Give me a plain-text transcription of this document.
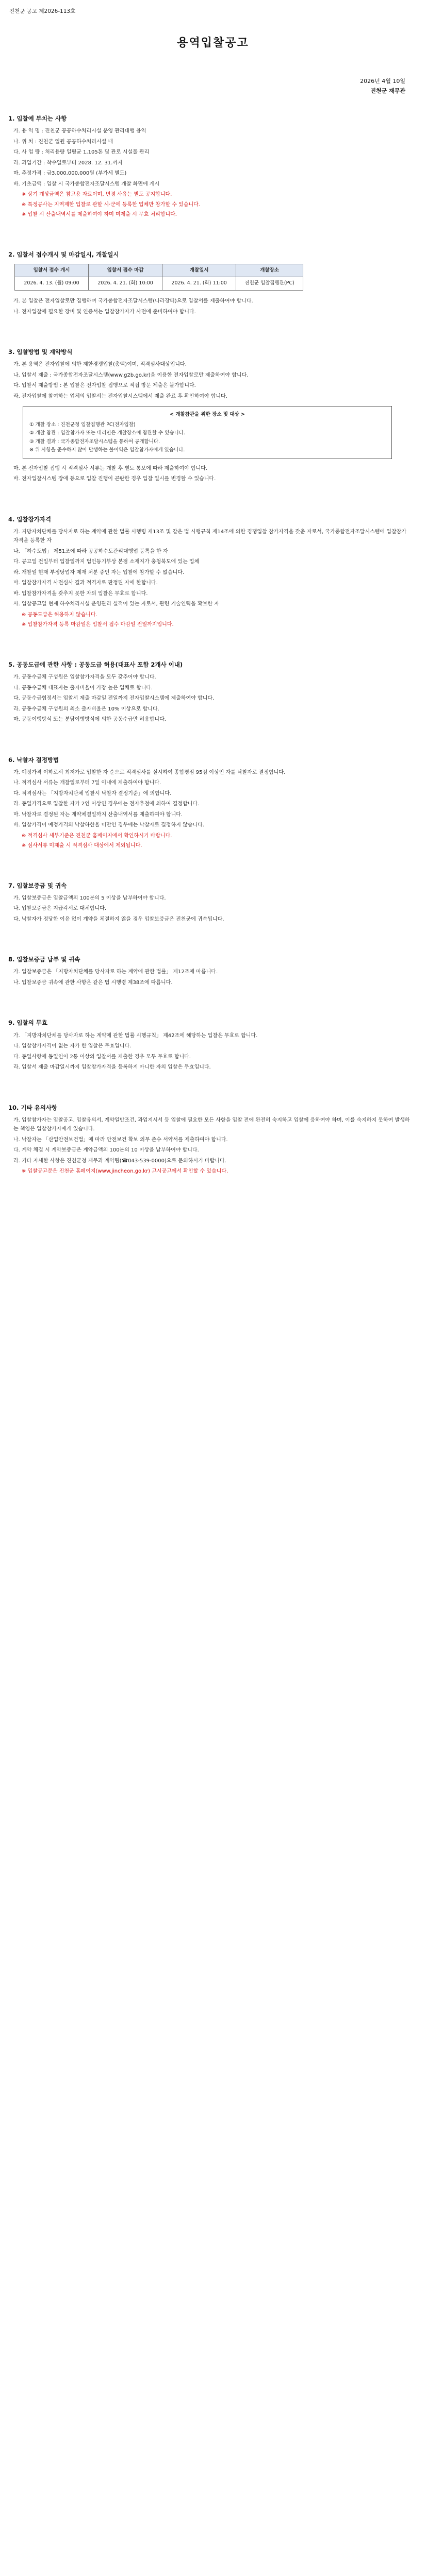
진천군 공고 제2026-113호
용역입찰공고
2026년 4월 10일
진천군 재무관
1. 입찰에 부치는 사항
가. 용 역 명 : 진천군 공공하수처리시설 운영 관리대행 용역
나. 위 치 : 진천군 일원 공공하수처리시설 내
다. 사 업 량 : 처리용량 일평균 1,105톤 및 관로 시설물 관리
라. 과업기간 : 착수일로부터 2028. 12. 31.까지
마. 추정가격 : 금3,000,000,000원 (부가세 별도)
바. 기초금액 : 입찰 시 국가종합전자조달시스템 개찰 화면에 게시
※ 상기 계상금액은 참고용 자료이며, 변경 사유는 별도 공지합니다.
※ 특정공사는 지역제한 입찰로 관할 시·군에 등록한 업체만 참가할 수 있습니다.
※ 입찰 시 산출내역서를 제출하여야 하며 미제출 시 무효 처리합니다.
2. 입찰서 접수개시 및 마감일시, 개찰일시
입찰서 접수 개시	입찰서 접수 마감	개찰일시	개찰장소
2026. 4. 13. (월) 09:00	2026. 4. 21. (화) 10:00	2026. 4. 21. (화) 11:00	진천군 입찰집행관(PC)
가. 본 입찰은 전자입찰로만 집행하며 국가종합전자조달시스템(나라장터)으로 입찰서를 제출하여야 합니다.
나. 전자입찰에 필요한 장비 및 인증서는 입찰참가자가 사전에 준비하여야 합니다.
3. 입찰방법 및 계약방식
가. 본 용역은 전자입찰에 의한 제한경쟁입찰(총액)이며, 적격심사대상입니다.
나. 입찰서 제출 : 국가종합전자조달시스템(www.g2b.go.kr)을 이용한 전자입찰로만 제출하여야 합니다.
다. 입찰서 제출방법 : 본 입찰은 전자입찰 집행으로 직접 방문 제출은 불가합니다.
라. 전자입찰에 참여하는 업체의 입찰서는 전자입찰시스템에서 제출 완료 후 확인하여야 합니다.
< 개찰참관을 위한 장소 및 대상 >
① 개찰 장소 : 진천군청 입찰집행관 PC(전자입찰)
② 개찰 참관 : 입찰참가자 또는 대리인은 개찰장소에 참관할 수 있습니다.
③ 개찰 결과 : 국가종합전자조달시스템을 통하여 공개합니다.
※ 위 사항을 준수하지 않아 발생하는 불이익은 입찰참가자에게 있습니다.
마. 본 전자입찰 집행 시 적격심사 서류는 개찰 후 별도 통보에 따라 제출하여야 합니다.
바. 전자입찰시스템 장애 등으로 입찰 진행이 곤란한 경우 입찰 일시를 변경할 수 있습니다.
4. 입찰참가자격
가. 지방자치단체를 당사자로 하는 계약에 관한 법률 시행령 제13조 및 같은 법 시행규칙 제14조에 의한 경쟁입찰 참가자격을 갖춘 자로서, 국가종합전자조달시스템에 입찰참가자격을 등록한 자
나. 「하수도법」 제51조에 따라 공공하수도관리대행업 등록을 한 자
다. 공고일 전일부터 입찰일까지 법인등기부상 본점 소재지가 충청북도에 있는 업체
라. 개찰일 현재 부정당업자 제재 처분 중인 자는 입찰에 참가할 수 없습니다.
마. 입찰참가자격 사전심사 결과 적격자로 판정된 자에 한합니다.
바. 입찰참가자격을 갖추지 못한 자의 입찰은 무효로 합니다.
사. 입찰공고일 현재 하수처리시설 운영관리 실적이 있는 자로서, 관련 기술인력을 확보한 자
※ 공동도급은 허용하지 않습니다.
※ 입찰참가자격 등록 마감일은 입찰서 접수 마감일 전일까지입니다.
5. 공동도급에 관한 사항 : 공동도급 허용(대표사 포함 2개사 이내)
가. 공동수급체 구성원은 입찰참가자격을 모두 갖추어야 합니다.
나. 공동수급체 대표자는 출자비율이 가장 높은 업체로 합니다.
다. 공동수급협정서는 입찰서 제출 마감일 전일까지 전자입찰시스템에 제출하여야 합니다.
라. 공동수급체 구성원의 최소 출자비율은 10% 이상으로 합니다.
마. 공동이행방식 또는 분담이행방식에 의한 공동수급만 허용합니다.
6. 낙찰자 결정방법
가. 예정가격 이하로서 최저가로 입찰한 자 순으로 적격심사를 실시하여 종합평점 95점 이상인 자를 낙찰자로 결정합니다.
나. 적격심사 서류는 개찰일로부터 7일 이내에 제출하여야 합니다.
다. 적격심사는 「지방자치단체 입찰시 낙찰자 결정기준」에 의합니다.
라. 동일가격으로 입찰한 자가 2인 이상인 경우에는 전자추첨에 의하여 결정합니다.
마. 낙찰자로 결정된 자는 계약체결일까지 산출내역서를 제출하여야 합니다.
바. 입찰가격이 예정가격의 낙찰하한율 미만인 경우에는 낙찰자로 결정하지 않습니다.
※ 적격심사 세부기준은 진천군 홈페이지에서 확인하시기 바랍니다.
※ 심사서류 미제출 시 적격심사 대상에서 제외됩니다.
7. 입찰보증금 및 귀속
가. 입찰보증금은 입찰금액의 100분의 5 이상을 납부하여야 합니다.
나. 입찰보증금은 지급각서로 대체합니다.
다. 낙찰자가 정당한 이유 없이 계약을 체결하지 않을 경우 입찰보증금은 진천군에 귀속됩니다.
8. 입찰보증금 납부 및 귀속
가. 입찰보증금은 「지방자치단체를 당사자로 하는 계약에 관한 법률」 제12조에 따릅니다.
나. 입찰보증금 귀속에 관한 사항은 같은 법 시행령 제38조에 따릅니다.
9. 입찰의 무효
가. 「지방자치단체를 당사자로 하는 계약에 관한 법률 시행규칙」 제42조에 해당하는 입찰은 무효로 합니다.
나. 입찰참가자격이 없는 자가 한 입찰은 무효입니다.
다. 동일사항에 동일인이 2통 이상의 입찰서를 제출한 경우 모두 무효로 합니다.
라. 입찰서 제출 마감일시까지 입찰참가자격을 등록하지 아니한 자의 입찰은 무효입니다.
10. 기타 유의사항
가. 입찰참가자는 입찰공고, 입찰유의서, 계약일반조건, 과업지시서 등 입찰에 필요한 모든 사항을 입찰 전에 완전히 숙지하고 입찰에 응하여야 하며, 이를 숙지하지 못하여 발생하는 책임은 입찰참가자에게 있습니다.
나. 낙찰자는 「산업안전보건법」에 따라 안전보건 확보 의무 준수 서약서를 제출하여야 합니다.
다. 계약 체결 시 계약보증금은 계약금액의 100분의 10 이상을 납부하여야 합니다.
라. 기타 자세한 사항은 진천군청 재무과 계약팀(☎043-539-0000)으로 문의하시기 바랍니다.
※ 입찰공고문은 진천군 홈페이지(www.jincheon.go.kr) 고시공고에서 확인할 수 있습니다.
